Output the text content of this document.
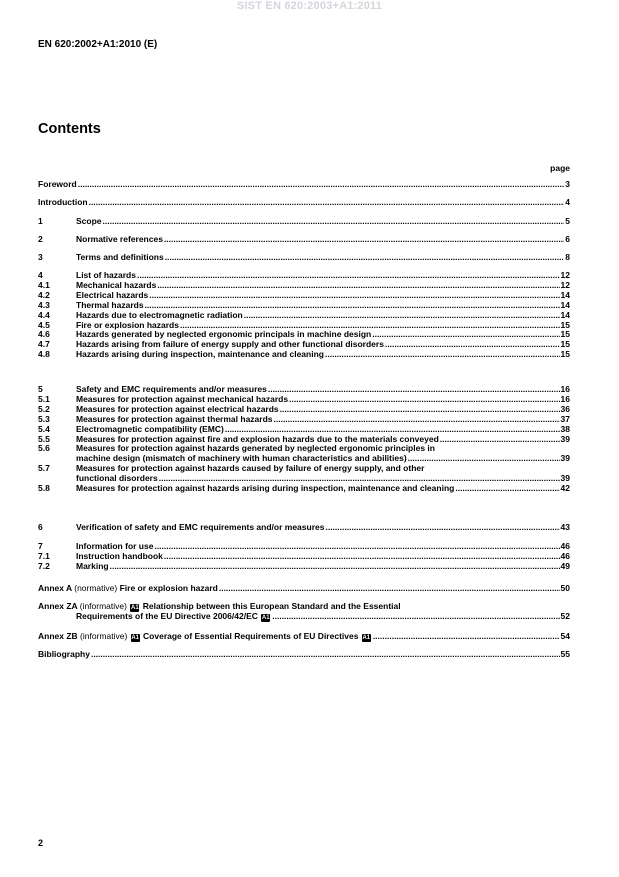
SIST EN 620:2003+A1:2011
EN 620:2002+A1:2010 (E)
Contents
page
Foreword .....	3
Introduction .....	4
1	Scope .....	5
2	Normative references .....	6
3	Terms and definitions .....	8
4	List of hazards .....	12
4.1	Mechanical hazards .....	12
4.2	Electrical hazards .....	14
4.3	Thermal hazards .....	14
4.4	Hazards due to electromagnetic radiation .....	14
4.5	Fire or explosion hazards .....	15
4.6	Hazards generated by neglected ergonomic principals in machine design .....	15
4.7	Hazards arising from failure of energy supply and other functional disorders .....	15
4.8	Hazards arising during inspection, maintenance and cleaning .....	15
5	Safety and EMC requirements and/or measures .....	16
5.1	Measures for protection against mechanical hazards .....	16
5.2	Measures for protection against electrical hazards .....	36
5.3	Measures for protection against thermal hazards .....	37
5.4	Electromagnetic compatibility (EMC) .....	38
5.5	Measures for protection against fire and explosion hazards due to the materials conveyed .....	39
5.6	Measures for protection against hazards generated by neglected ergonomic principles in
machine design (mismatch of machinery with human characteristics and abilities) .....	39
5.7	Measures for protection against hazards caused by failure of energy supply, and other
functional disorders .....	39
5.8	Measures for protection against hazards arising during inspection, maintenance and cleaning .....	42
6	Verification of safety and EMC requirements and/or measures .....	43
7	Information for use .....	46
7.1	Instruction handbook .....	46
7.2	Marking .....	49
Annex A (normative) Fire or explosion hazard .....	50
Annex ZA (informative) A1 Relationship between this European Standard and the Essential
Requirements of the EU Directive 2006/42/EC A1 .....	52
Annex ZB (informative) A1 Coverage of Essential Requirements of EU Directives A1 .....	54
Bibliography .....	55
2
